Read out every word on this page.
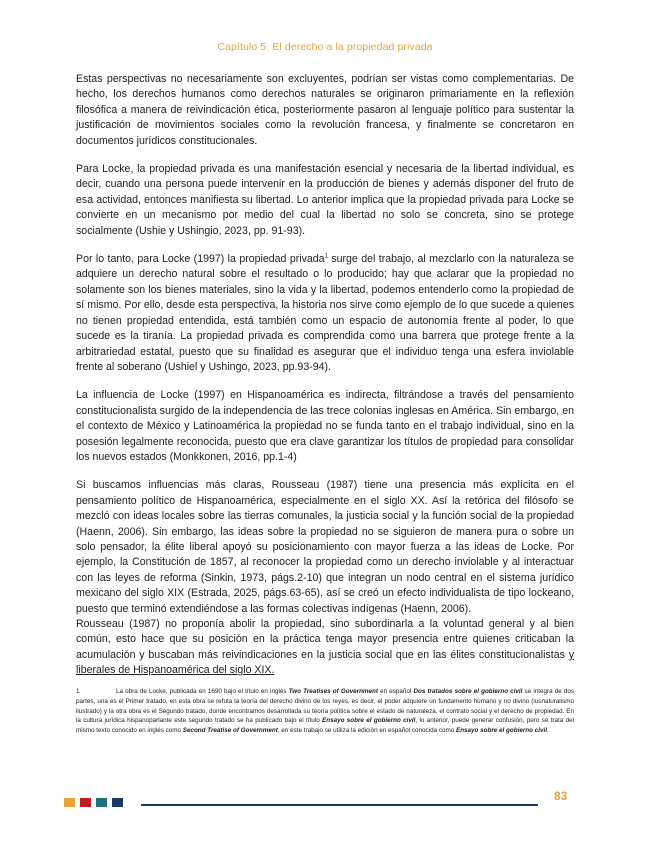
Capítulo 5. El derecho a la propiedad privada

Estas perspectivas no necesariamente son excluyentes, podrían ser vistas como complementarias. De hecho, los derechos humanos como derechos naturales se originaron primariamente en la reflexión filosófica a manera de reivindicación ética, posteriormente pasaron al lenguaje político para sustentar la justificación de movimientos sociales como la revolución francesa, y finalmente se concretaron en documentos jurídicos constitucionales.

Para Locke, la propiedad privada es una manifestación esencial y necesaria de la libertad individual, es decir, cuando una persona puede intervenir en la producción de bienes y además disponer del fruto de esa actividad, entonces manifiesta su libertad. Lo anterior implica que la propiedad privada para Locke se convierte en un mecanismo por medio del cual la libertad no solo se concreta, sino se protege socialmente (Ushie y Ushingio, 2023, pp. 91-93).

Por lo tanto, para Locke (1997) la propiedad privada$^1$ surge del trabajo, al mezclarlo con la naturaleza se adquiere un derecho natural sobre el resultado o lo producido; hay que aclarar que la propiedad no solamente son los bienes materiales, sino la vida y la libertad, podemos entenderlo como la propiedad de sí mismo. Por ello, desde esta perspectiva, la historia nos sirve como ejemplo de lo que sucede a quienes no tienen propiedad entendida, está también como un espacio de autonomía frente al poder, lo que sucede es la tiranía. La propiedad privada es comprendida como una barrera que protege frente a la arbitrariedad estatal, puesto que su finalidad es asegurar que el individuo tenga una esfera inviolable frente al soberano (Ushiel y Ushingo, 2023, pp.93-94).

La influencia de Locke (1997) en Hispanoamérica es indirecta, filtrándose a través del pensamiento constitucionalista surgido de la independencia de las trece colonias inglesas en América. Sin embargo, en el contexto de México y Latinoamérica la propiedad no se funda tanto en el trabajo individual, sino en la posesión legalmente reconocida, puesto que era clave garantizar los títulos de propiedad para consolidar los nuevos estados (Monkkonen, 2016, pp.1-4)

Si buscamos influencias más claras, Rousseau (1987) tiene una presencia más explícita en el pensamiento político de Hispanoamérica, especialmente en el siglo XX. Así la retórica del filósofo se mezcló con ideas locales sobre las tierras comunales, la justicia social y la función social de la propiedad (Haenn, 2006). Sin embargo, las ideas sobre la propiedad no se siguieron de manera pura o sobre un solo pensador, la élite liberal apoyó su posicionamiento con mayor fuerza a las ideas de Locke. Por ejemplo, la Constitución de 1857, al reconocer la propiedad como un derecho inviolable y al interactuar con las leyes de reforma (Sinkin, 1973, págs.2-10) que integran un nodo central en el sistema jurídico mexicano del siglo XIX (Estrada, 2025, págs.63-65), así se creó un efecto individualista de tipo lockeano, puesto que terminó extendiéndose a las formas colectivas indígenas (Haenn, 2006).

Rousseau (1987) no proponía abolir la propiedad, sino subordinarla a la voluntad general y al bien común, esto hace que su posición en la práctica tenga mayor presencia entre quienes criticaban la acumulación y buscaban más reivindicaciones en la justicia social que en las élites constitucionalistas y liberales de Hispanoamérica del siglo XIX.

1	La obra de Locke, publicada en 1690 bajo el título en inglés Two Treatises of Government en español Dos tratados sobre el gobierno civil se integra de dos partes, una es el Primer tratado, en esta obra se refuta la teoría del derecho divino de los reyes, es decir, el poder adquiere un fundamento humano y no divino (iusnaturalismo ilustrado) y la otra obra es el Segundo tratado, donde encontramos desarrollada su teoría política sobre el estado de naturaleza, el contrato social y el derecho de propiedad. En la cultura jurídica hispanoparlante este segundo tratado se ha publicado bajo el título Ensayo sobre el gobierno civil, lo anterior, puede generar confusión, pero se trata del mismo texto conocido en inglés como Second Treatise of Government, en este trabajo se utiliza la edición en español conocida como Ensayo sobre el gobierno civil.
83
